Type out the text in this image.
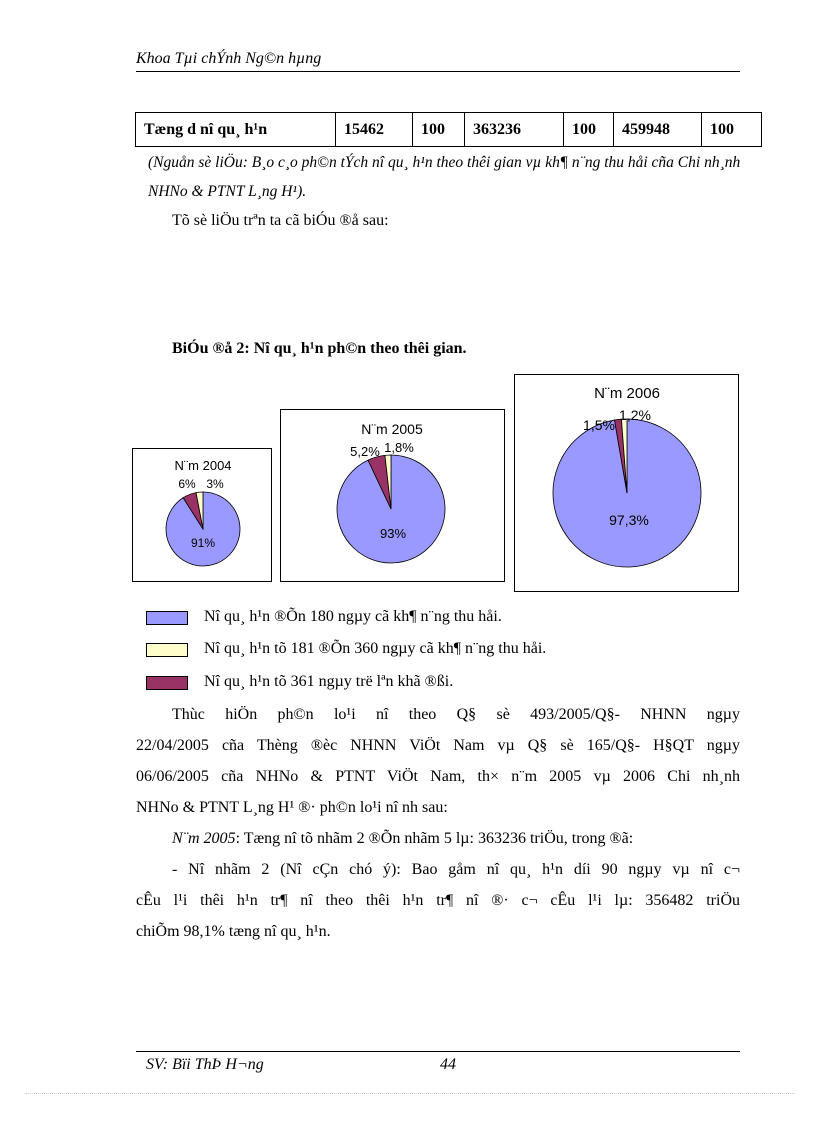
Khoa Tµi chÝnh Ng©n hµng
Tæng d nî qu¸ h¹n	15462	100	363236	100	459948	100
(Nguån sè liÖu: B¸o c¸o ph©n tÝch nî qu¸ h¹n theo thêi gian vµ kh¶ n¨ng thu håi cña Chi nh¸nh NHNo & PTNT L¸ng H¹).
Tõ sè liÖu trªn ta cã biÓu ®å sau:
BiÓu ®å 2: Nî qu¸ h¹n ph©n theo thêi gian.
N¨m 2004
91%
3%
6%
N¨m 2005
93%
1,8%
5,2%
N¨m 2006
97,3%
1,2%
1,5%
Nî qu¸ h¹n ®Õn 180 ngµy cã kh¶ n¨ng thu håi.
Nî qu¸ h¹n tõ 181 ®Õn 360 ngµy cã kh¶ n¨ng thu håi.
Nî qu¸ h¹n tõ 361 ngµy trë lªn khã ®ßi.
Thùc hiÖn ph©n lo¹i nî theo Q§ sè 493/2005/Q§- NHNN ngµy
22/04/2005 cña Thèng ®èc NHNN ViÖt Nam vµ Q§ sè 165/Q§- H§QT ngµy
06/06/2005 cña NHNo & PTNT ViÖt Nam, th× n¨m 2005 vµ 2006 Chi nh¸nh
NHNo & PTNT L¸ng H¹ ®· ph©n lo¹i nî nh sau:
N¨m 2005: Tæng nî tõ nhãm 2 ®Õn nhãm 5 lµ: 363236 triÖu, trong ®ã:
- Nî nhãm 2 (Nî cÇn chó ý): Bao gåm nî qu¸ h¹n díi 90 ngµy vµ nî c¬
cÊu l¹i thêi h¹n tr¶ nî theo thêi h¹n tr¶ nî ®· c¬ cÊu l¹i lµ: 356482 triÖu
chiÕm 98,1% tæng nî qu¸ h¹n.
SV: Bïi ThÞ H¬ng	44
